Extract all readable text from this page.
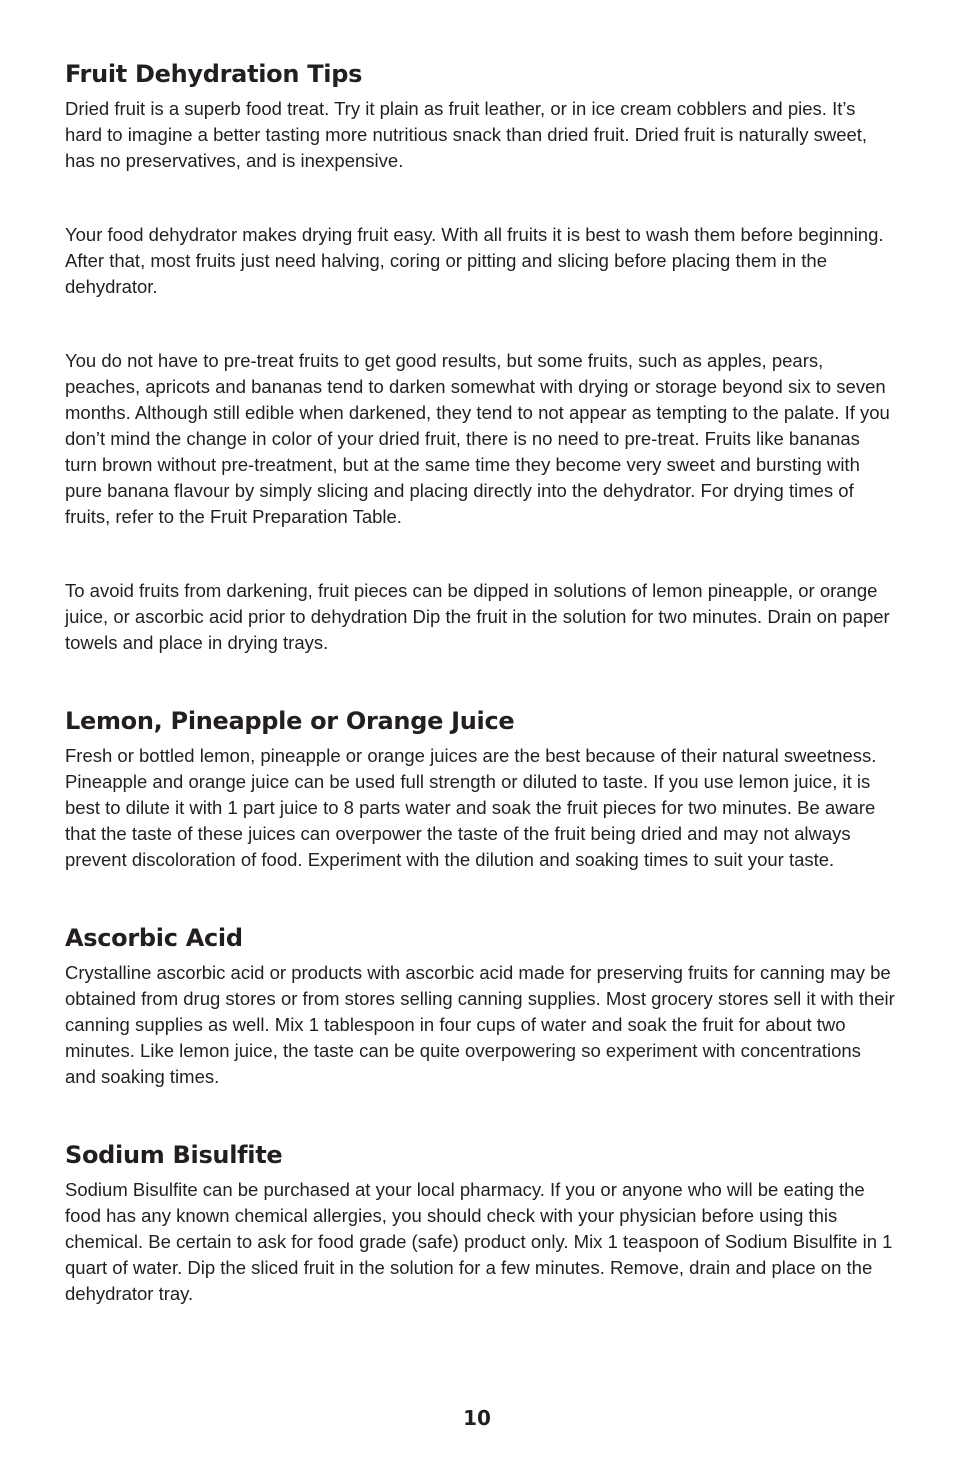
Fruit Dehydration Tips

Dried fruit is a superb food treat. Try it plain as fruit leather, or in ice cream cobblers and pies. It’s hard to imagine a better tasting more nutritious snack than dried fruit. Dried fruit is naturally sweet, has no preservatives, and is inexpensive.

Your food dehydrator makes drying fruit easy. With all fruits it is best to wash them before beginning. After that, most fruits just need halving, coring or pitting and slicing before placing them in the dehydrator.

You do not have to pre-treat fruits to get good results, but some fruits, such as apples, pears, peaches, apricots and bananas tend to darken somewhat with drying or storage beyond six to seven months. Although still edible when darkened, they tend to not appear as tempting to the palate. If you don’t mind the change in color of your dried fruit, there is no need to pre-treat. Fruits like bananas turn brown without pre-treatment, but at the same time they become very sweet and bursting with pure banana flavour by simply slicing and placing directly into the dehydrator. For drying times of fruits, refer to the Fruit Preparation Table.

To avoid fruits from darkening, fruit pieces can be dipped in solutions of lemon pineapple, or orange juice, or ascorbic acid prior to dehydration Dip the fruit in the solution for two minutes. Drain on paper towels and place in drying trays.

Lemon, Pineapple or Orange Juice

Fresh or bottled lemon, pineapple or orange juices are the best because of their natural sweetness. Pineapple and orange juice can be used full strength or diluted to taste. If you use lemon juice, it is best to dilute it with 1 part juice to 8 parts water and soak the fruit pieces for two minutes. Be aware that the taste of these juices can overpower the taste of the fruit being dried and may not always prevent discoloration of food. Experiment with the dilution and soaking times to suit your taste.

Ascorbic Acid

Crystalline ascorbic acid or products with ascorbic acid made for preserving fruits for canning may be obtained from drug stores or from stores selling canning supplies. Most grocery stores sell it with their canning supplies as well. Mix 1 tablespoon in four cups of water and soak the fruit for about two minutes. Like lemon juice, the taste can be quite overpowering so experiment with concentrations and soaking times.

Sodium Bisulfite

Sodium Bisulfite can be purchased at your local pharmacy. If you or anyone who will be eating the food has any known chemical allergies, you should check with your physician before using this chemical. Be certain to ask for food grade (safe) product only. Mix 1 teaspoon of Sodium Bisulfite in 1 quart of water. Dip the sliced fruit in the solution for a few minutes. Remove, drain and place on the dehydrator tray.

10
